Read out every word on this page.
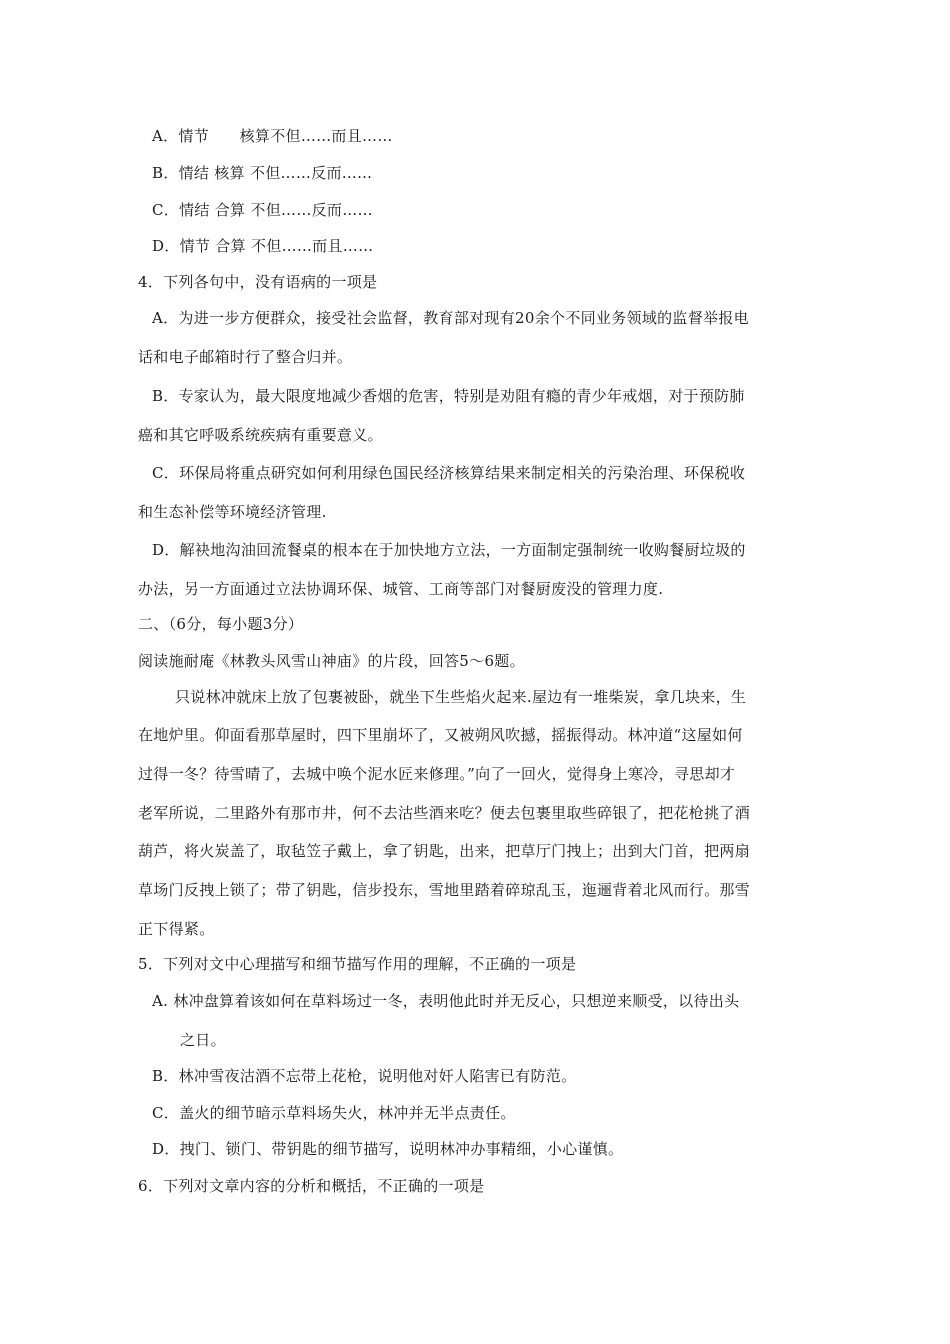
A．情节　　核算不但……而且……
B．情结 核算 不但……反而……
C．情结 合算 不但……反而……
D．情节 合算 不但……而且……
4．下列各句中，没有语病的一项是
A．为进一步方便群众，接受社会监督，教育部对现有20余个不同业务领域的监督举报电
话和电子邮箱时行了整合归并。
B．专家认为，最大限度地减少香烟的危害，特别是劝阻有瘾的青少年戒烟，对于预防肺
癌和其它呼吸系统疾病有重要意义。
C．环保局将重点研究如何利用绿色国民经济核算结果来制定相关的污染治理、环保税收
和生态补偿等环境经济管理.
D．解袂地沟油回流餐桌的根本在于加快地方立法，一方面制定强制统一收购餐厨垃圾的
办法，另一方面通过立法协调环保、城管、工商等部门对餐厨废没的管理力度.
二、（6分，每小题3分）
阅读施耐庵《林教头风雪山神庙》的片段，回答5～6题。
只说林冲就床上放了包裹被卧，就坐下生些焰火起来.屋边有一堆柴炭，拿几块来，生
在地炉里。仰面看那草屋时，四下里崩坏了，又被朔风吹撼，摇振得动。林冲道“这屋如何
过得一冬？待雪晴了，去城中唤个泥水匠来修理。”向了一回火，觉得身上寒冷，寻思却才
老军所说，二里路外有那市井，何不去沽些酒来吃？便去包裹里取些碎银了，把花枪挑了酒
葫芦，将火炭盖了，取毡笠子戴上，拿了钥匙，出来，把草厅门拽上；出到大门首，把两扇
草场门反拽上锁了；带了钥匙，信步投东，雪地里踏着碎琼乱玉，迤逦背着北风而行。那雪
正下得紧。
5．下列对文中心理描写和细节描写作用的理解，不正确的一项是
A. 林冲盘算着该如何在草料场过一冬，表明他此时并无反心，只想逆来顺受，以待出头
之日。
B．林冲雪夜沽酒不忘带上花枪，说明他对奸人陷害已有防范。
C．盖火的细节暗示草料场失火，林冲并无半点责任。
D．拽门、锁门、带钥匙的细节描写，说明林冲办事精细，小心谨慎。
6．下列对文章内容的分析和概括，不正确的一项是
